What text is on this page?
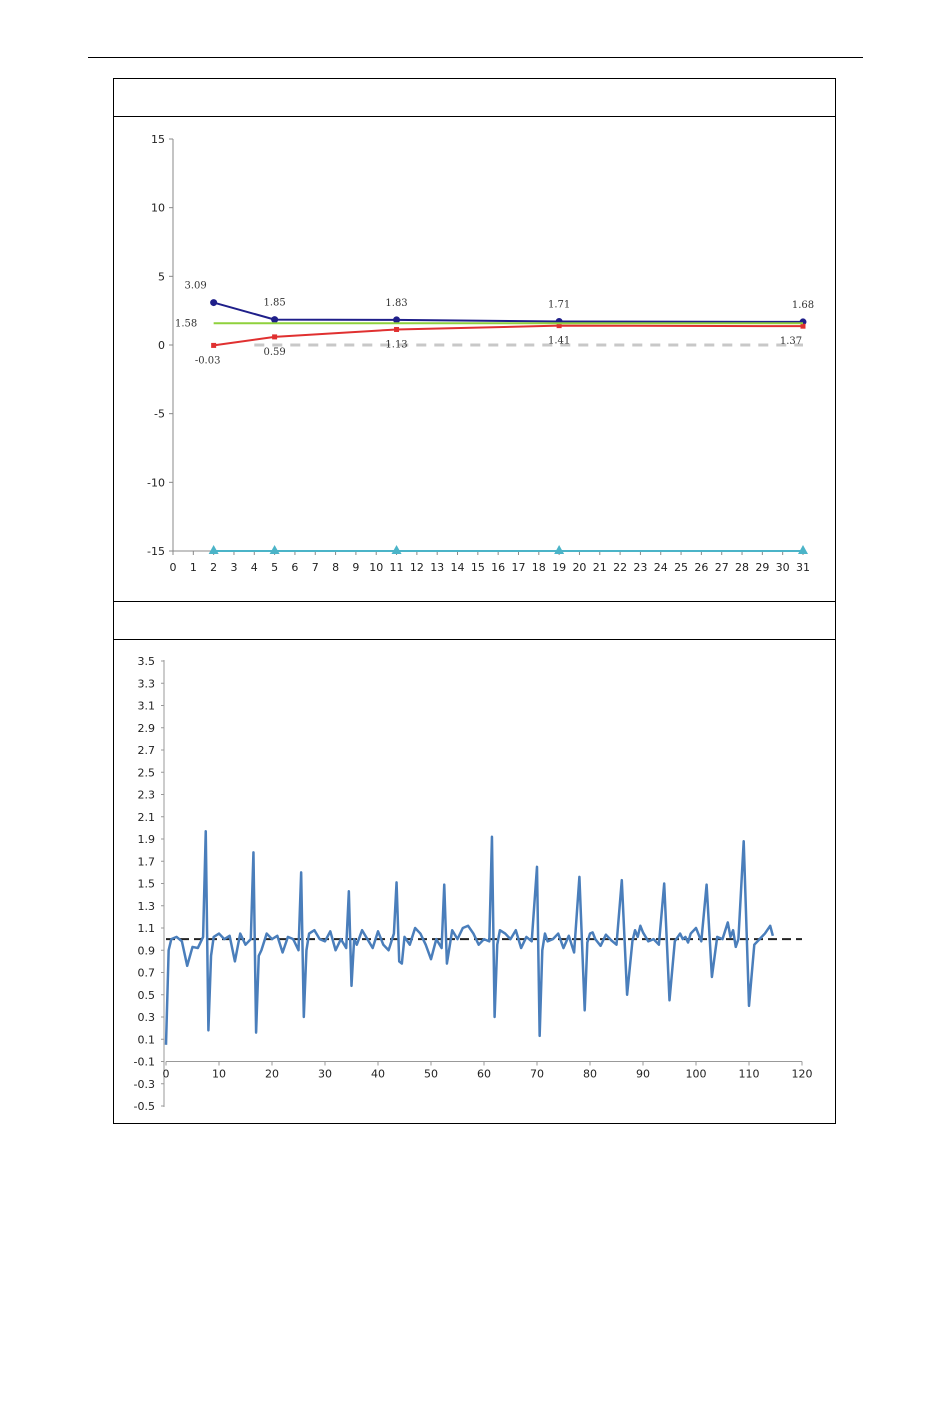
15
10
5
0
-5
-10
-15
0 1 2 3 4 5 6 7 8 9 10 11 12 13 14 15 16 17 18 19 20 21 22 23 24 25 26 27 28 29 30 31
3.09
1.85	1.83	1.71	1.68
-0.03
0.59
1.13	1.41	1.37
1.58
3.5
3.3
3.1
2.9
2.7
2.5
2.3
2.1
1.9
1.7
1.5
1.3
1.1
0.9
0.7
0.5
0.3
0.1
-0.1
-0.3
-0.5
0	10	20	30	40	50	60	70	80	90	100	110	120
